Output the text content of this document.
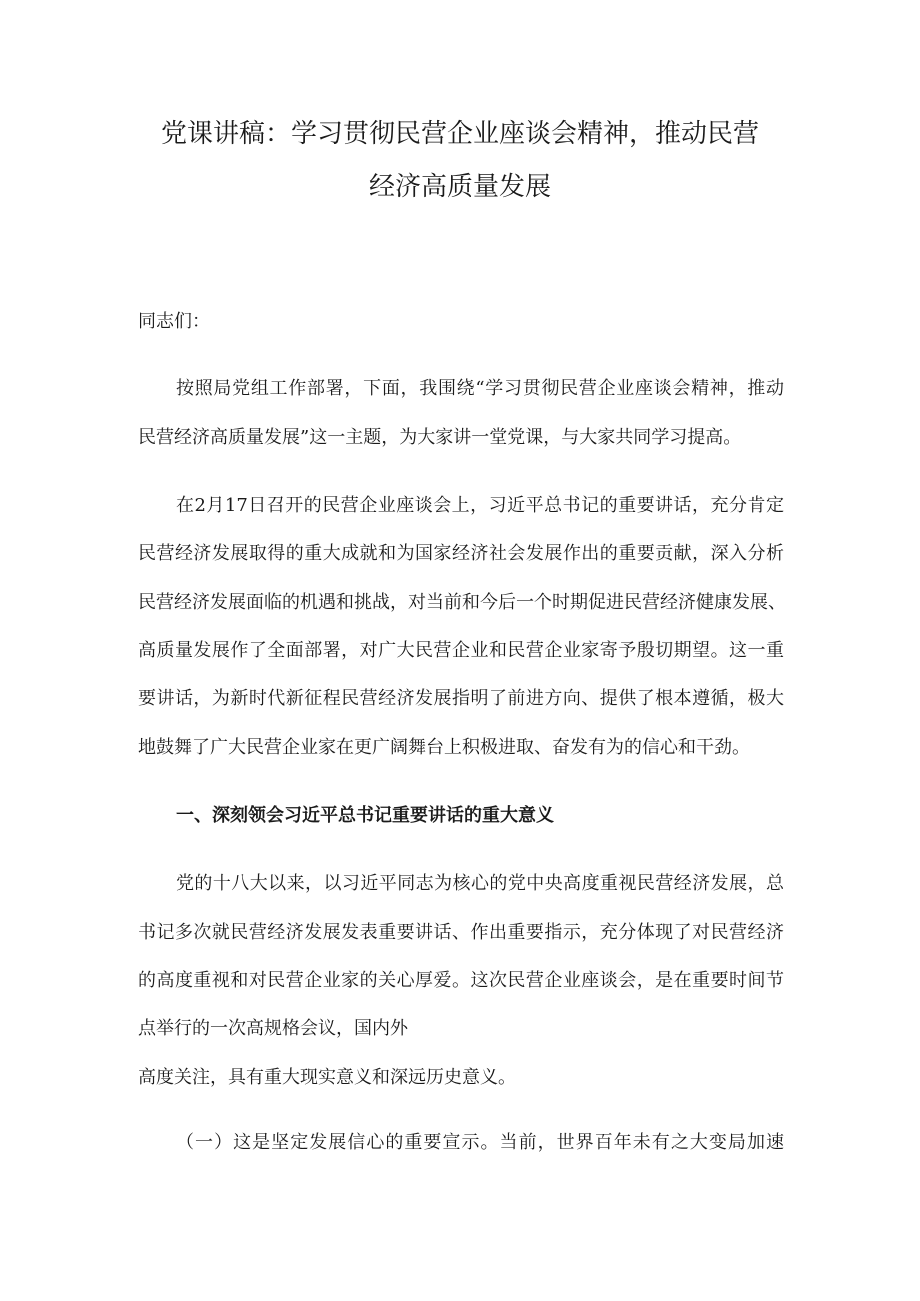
党课讲稿：学习贯彻民营企业座谈会精神，推动民营
经济高质量发展
同志们：
按照局党组工作部署，下面，我围绕“学习贯彻民营企业座谈会精神，推动
民营经济高质量发展”这一主题，为大家讲一堂党课，与大家共同学习提高。
在2月17日召开的民营企业座谈会上，习近平总书记的重要讲话，充分肯定
民营经济发展取得的重大成就和为国家经济社会发展作出的重要贡献，深入分析
民营经济发展面临的机遇和挑战，对当前和今后一个时期促进民营经济健康发展、
高质量发展作了全面部署，对广大民营企业和民营企业家寄予殷切期望。这一重
要讲话，为新时代新征程民营经济发展指明了前进方向、提供了根本遵循，极大
地鼓舞了广大民营企业家在更广阔舞台上积极进取、奋发有为的信心和干劲。
一、深刻领会习近平总书记重要讲话的重大意义
党的十八大以来，以习近平同志为核心的党中央高度重视民营经济发展，总
书记多次就民营经济发展发表重要讲话、作出重要指示，充分体现了对民营经济
的高度重视和对民营企业家的关心厚爱。这次民营企业座谈会，是在重要时间节
点举行的一次高规格会议，国内外
高度关注，具有重大现实意义和深远历史意义。
（一）这是坚定发展信心的重要宣示。当前，世界百年未有之大变局加速
